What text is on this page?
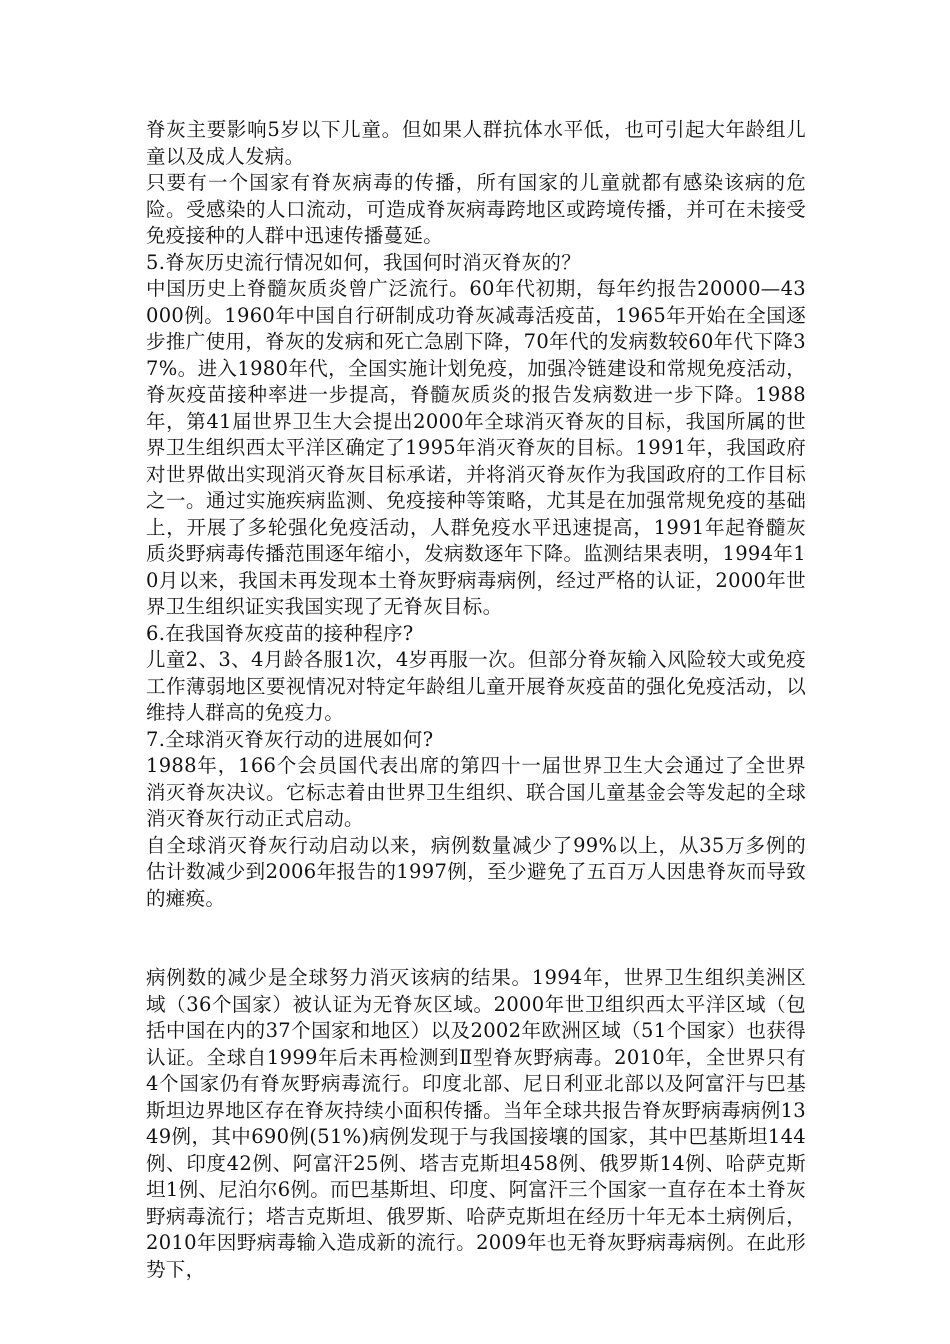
脊灰主要影响5岁以下儿童。但如果人群抗体水平低，也可引起大年龄组儿童以及成人发病。

只要有一个国家有脊灰病毒的传播，所有国家的儿童就都有感染该病的危险。受感染的人口流动，可造成脊灰病毒跨地区或跨境传播，并可在未接受免疫接种的人群中迅速传播蔓延。

5.脊灰历史流行情况如何，我国何时消灭脊灰的？

中国历史上脊髓灰质炎曾广泛流行。60年代初期，每年约报告20000—43000例。1960年中国自行研制成功脊灰减毒活疫苗，1965年开始在全国逐步推广使用，脊灰的发病和死亡急剧下降，70年代的发病数较60年代下降37%。进入1980年代，全国实施计划免疫，加强冷链建设和常规免疫活动，脊灰疫苗接种率进一步提高，脊髓灰质炎的报告发病数进一步下降。1988年，第41届世界卫生大会提出2000年全球消灭脊灰的目标，我国所属的世界卫生组织西太平洋区确定了1995年消灭脊灰的目标。1991年，我国政府对世界做出实现消灭脊灰目标承诺，并将消灭脊灰作为我国政府的工作目标之一。通过实施疾病监测、免疫接种等策略，尤其是在加强常规免疫的基础上，开展了多轮强化免疫活动，人群免疫水平迅速提高，1991年起脊髓灰质炎野病毒传播范围逐年缩小，发病数逐年下降。监测结果表明，1994年10月以来，我国未再发现本土脊灰野病毒病例，经过严格的认证，2000年世界卫生组织证实我国实现了无脊灰目标。

6.在我国脊灰疫苗的接种程序?

儿童2、3、4月龄各服1次，4岁再服一次。但部分脊灰输入风险较大或免疫工作薄弱地区要视情况对特定年龄组儿童开展脊灰疫苗的强化免疫活动，以维持人群高的免疫力。

7.全球消灭脊灰行动的进展如何?

1988年，166个会员国代表出席的第四十一届世界卫生大会通过了全世界消灭脊灰决议。它标志着由世界卫生组织、联合国儿童基金会等发起的全球消灭脊灰行动正式启动。

自全球消灭脊灰行动启动以来，病例数量减少了99%以上，从35万多例的估计数减少到2006年报告的1997例，至少避免了五百万人因患脊灰而导致的瘫痪。

病例数的减少是全球努力消灭该病的结果。1994年，世界卫生组织美洲区域（36个国家）被认证为无脊灰区域。2000年世卫组织西太平洋区域（包括中国在内的37个国家和地区）以及2002年欧洲区域（51个国家）也获得认证。全球自1999年后未再检测到Ⅱ型脊灰野病毒。2010年，全世界只有4个国家仍有脊灰野病毒流行。印度北部、尼日利亚北部以及阿富汗与巴基斯坦边界地区存在脊灰持续小面积传播。当年全球共报告脊灰野病毒病例1349例，其中690例(51%)病例发现于与我国接壤的国家，其中巴基斯坦144例、印度42例、阿富汗25例、塔吉克斯坦458例、俄罗斯14例、哈萨克斯坦1例、尼泊尔6例。而巴基斯坦、印度、阿富汗三个国家一直存在本土脊灰野病毒流行；塔吉克斯坦、俄罗斯、哈萨克斯坦在经历十年无本土病例后，2010年因野病毒输入造成新的流行。2009年也无脊灰野病毒病例。在此形势下，
